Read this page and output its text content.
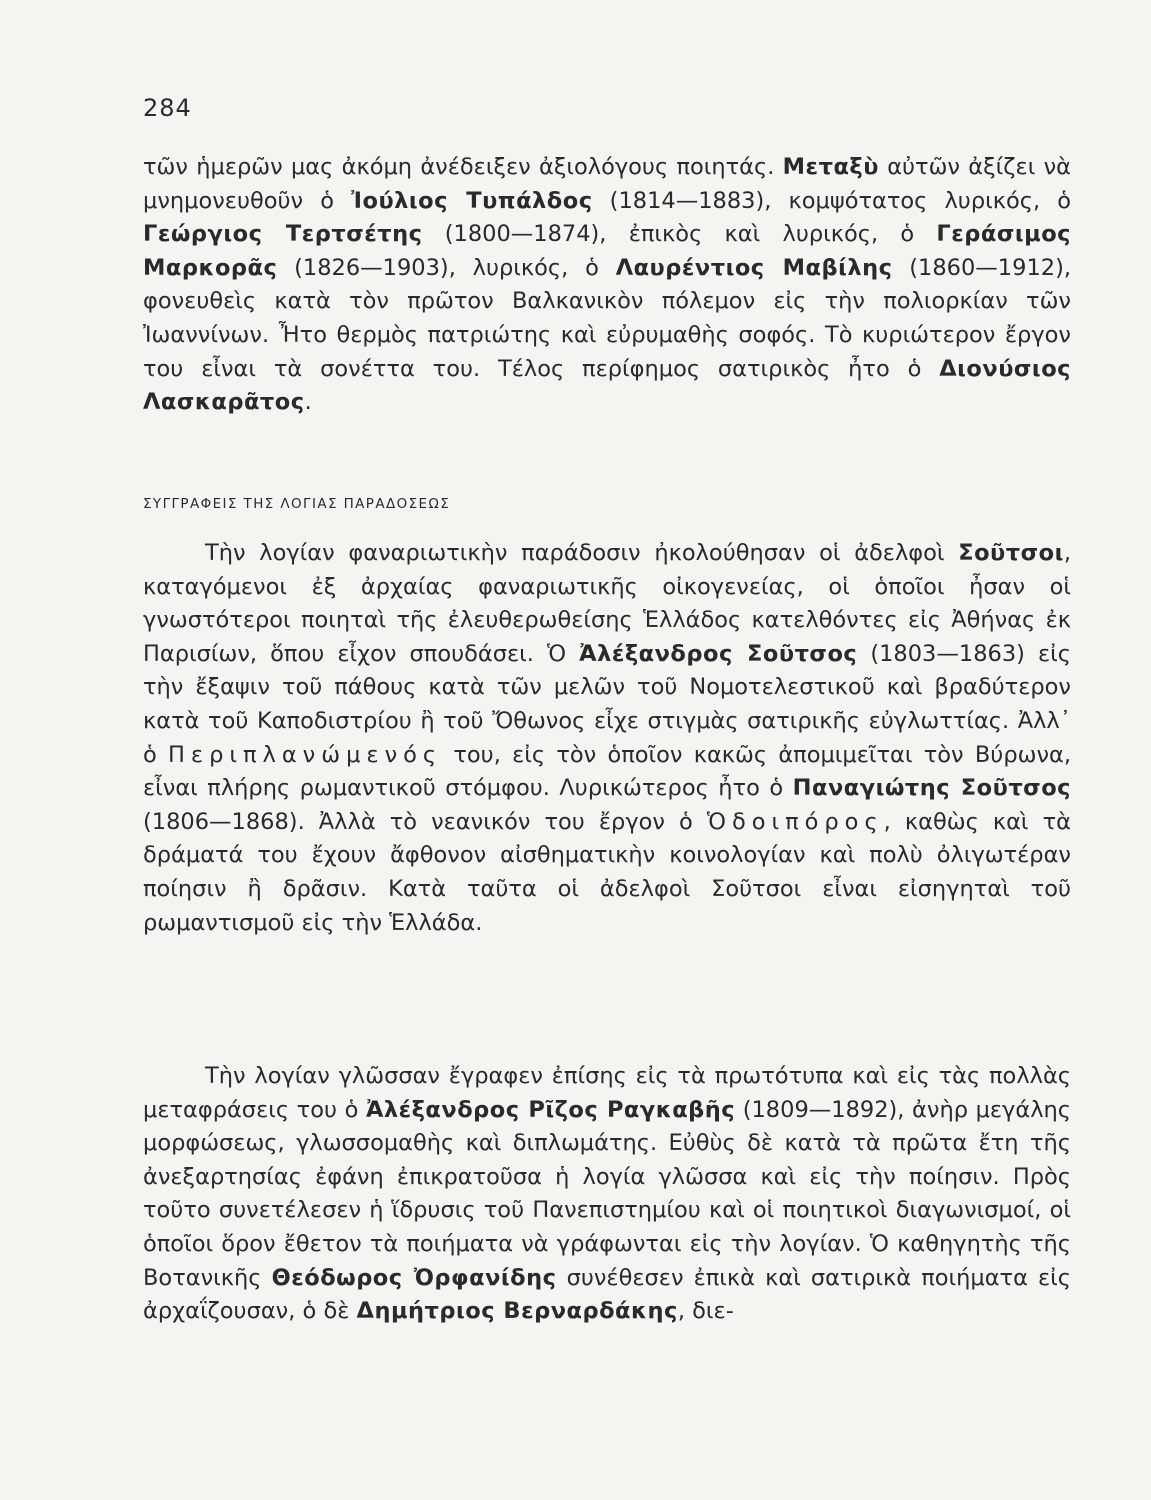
284
τῶν ἡμερῶν μας ἀκόμη ἀνέδειξεν ἀξιολόγους ποιητάς. Μεταξὺ αὐτῶν ἀξίζει νὰ μνημονευθοῦν ὁ Ἰούλιος Τυπάλδος (1814—1883), κομψότατος λυρικός, ὁ Γεώργιος Τερτσέτης (1800—1874), ἐπικὸς καὶ λυρικός, ὁ Γεράσιμος Μαρκορᾶς (1826—1903), λυρικός, ὁ Λαυρέντιος Μαβίλης (1860—1912), φονευθεὶς κατὰ τὸν πρῶτον Βαλκανικὸν πόλεμον εἰς τὴν πολιορκίαν τῶν Ἰωαννίνων. Ἦτο θερμὸς πατριώτης καὶ εὐρυμαθὴς σοφός. Τὸ κυριώτερον ἔργον του εἶναι τὰ σονέττα του. Τέλος περίφημος σατιρικὸς ἦτο ὁ Διονύσιος Λασκαρᾶτος.
ΣΥΓΓΡΑΦΕΙΣ ΤΗΣ ΛΟΓΙΑΣ ΠΑΡΑΔΟΣΕΩΣ
Τὴν λογίαν φαναριωτικὴν παράδοσιν ἠκολούθησαν οἱ ἀδελφοὶ Σοῦτσοι, καταγόμενοι ἐξ ἀρχαίας φαναριωτικῆς οἰκογενείας, οἱ ὁποῖοι ἦσαν οἱ γνωστότεροι ποιηταὶ τῆς ἐλευθερωθείσης Ἑλλάδος κατελθόντες εἰς Ἀθήνας ἐκ Παρισίων, ὅπου εἶχον σπουδάσει. Ὁ Ἀλέξανδρος Σοῦτσος (1803—1863) εἰς τὴν ἔξαψιν τοῦ πάθους κατὰ τῶν μελῶν τοῦ Νομοτελεστικοῦ καὶ βραδύτερον κατὰ τοῦ Καποδιστρίου ἢ τοῦ Ὄθωνος εἶχε στιγμὰς σατιρικῆς εὐγλωττίας. Ἀλλ᾽ ὁ Περιπλανώμενός του, εἰς τὸν ὁποῖον κακῶς ἀπομιμεῖται τὸν Βύρωνα, εἶναι πλήρης ρωμαντικοῦ στόμφου. Λυρικώτερος ἦτο ὁ Παναγιώτης Σοῦτσος (1806—1868). Ἀλλὰ τὸ νεανικόν του ἔργον ὁ Ὁδοιπόρος, καθὼς καὶ τὰ δράματά του ἔχουν ἄφθονον αἰσθηματικὴν κοινολογίαν καὶ πολὺ ὀλιγωτέραν ποίησιν ἢ δρᾶσιν. Κατὰ ταῦτα οἱ ἀδελφοὶ Σοῦτσοι εἶναι εἰσηγηταὶ τοῦ ρωμαντισμοῦ εἰς τὴν Ἑλλάδα.
Τὴν λογίαν γλῶσσαν ἔγραφεν ἐπίσης εἰς τὰ πρωτότυπα καὶ εἰς τὰς πολλὰς μεταφράσεις του ὁ Ἀλέξανδρος Ρῖζος Ραγκαβῆς (1809—1892), ἀνὴρ μεγάλης μορφώσεως, γλωσσομαθὴς καὶ διπλωμάτης. Εὐθὺς δὲ κατὰ τὰ πρῶτα ἔτη τῆς ἀνεξαρτησίας ἐφάνη ἐπικρατοῦσα ἡ λογία γλῶσσα καὶ εἰς τὴν ποίησιν. Πρὸς τοῦτο συνετέλεσεν ἡ ἵδρυσις τοῦ Πανεπιστημίου καὶ οἱ ποιητικοὶ διαγωνισμοί, οἱ ὁποῖοι ὅρον ἔθετον τὰ ποιήματα νὰ γράφωνται εἰς τὴν λογίαν. Ὁ καθηγητὴς τῆς Βοτανικῆς Θεόδωρος Ὀρφανίδης συνέθεσεν ἐπικὰ καὶ σατιρικὰ ποιήματα εἰς ἀρχαΐζουσαν, ὁ δὲ Δημήτριος Βερναρδάκης, διε-
